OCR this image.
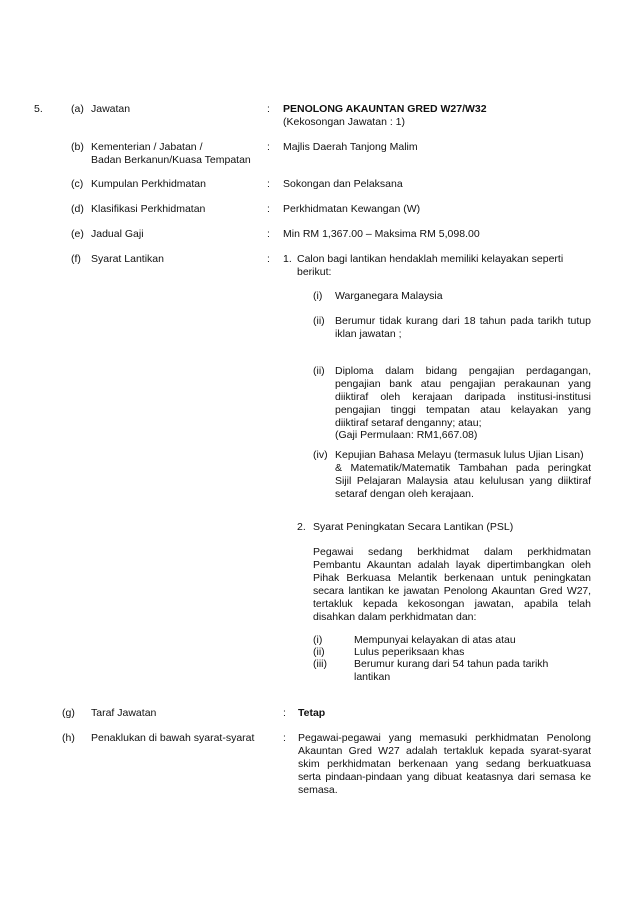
5.	(a) Jawatan	: PENOLONG AKAUNTAN GRED W27/W32
(Kekosongan Jawatan : 1)
(b) Kementerian / Jabatan /
Badan Berkanun/Kuasa Tempatan
: Majlis Daerah Tanjong Malim
(c) Kumpulan Perkhidmatan	: Sokongan dan Pelaksana
(d) Klasifikasi Perkhidmatan	: Perkhidmatan Kewangan (W)
(e) Jadual Gaji	: Min RM 1,367.00 – Maksima RM 5,098.00
(f) Syarat Lantikan	: 1. Calon bagi lantikan hendaklah memiliki kelayakan seperti
berikut:
(i) Warganegara Malaysia
(ii) Berumur tidak kurang dari 18 tahun pada tarikh tutup
iklan jawatan ;
(ii) Diploma dalam bidang pengajian perdagangan,
pengajian bank atau pengajian perakaunan yang
diiktiraf oleh kerajaan daripada institusi-institusi
pengajian tinggi tempatan atau kelayakan yang
diiktiraf setaraf denganny; atau;
(Gaji Permulaan: RM1,667.08)
(iv) Kepujian Bahasa Melayu (termasuk lulus Ujian Lisan)
& Matematik/Matematik Tambahan pada peringkat
Sijil Pelajaran Malaysia atau kelulusan yang diiktiraf
setaraf dengan oleh kerajaan.
2. Syarat Peningkatan Secara Lantikan (PSL)
Pegawai sedang berkhidmat dalam perkhidmatan
Pembantu Akauntan adalah layak dipertimbangkan oleh
Pihak Berkuasa Melantik berkenaan untuk peningkatan
secara lantikan ke jawatan Penolong Akauntan Gred W27,
tertakluk kepada kekosongan jawatan, apabila telah
disahkan dalam perkhidmatan dan:
(i)	Mempunyai kelayakan di atas atau
(ii)	Lulus peperiksaan khas
(iii)	Berumur kurang dari 54 tahun pada tarikh
lantikan
(g) Taraf Jawatan	: Tetap
(h) Penaklukan di bawah syarat-syarat	: Pegawai-pegawai yang memasuki perkhidmatan Penolong
Akauntan Gred W27 adalah tertakluk kepada syarat-syarat
skim perkhidmatan berkenaan yang sedang berkuatkuasa
serta pindaan-pindaan yang dibuat keatasnya dari semasa ke
semasa.
